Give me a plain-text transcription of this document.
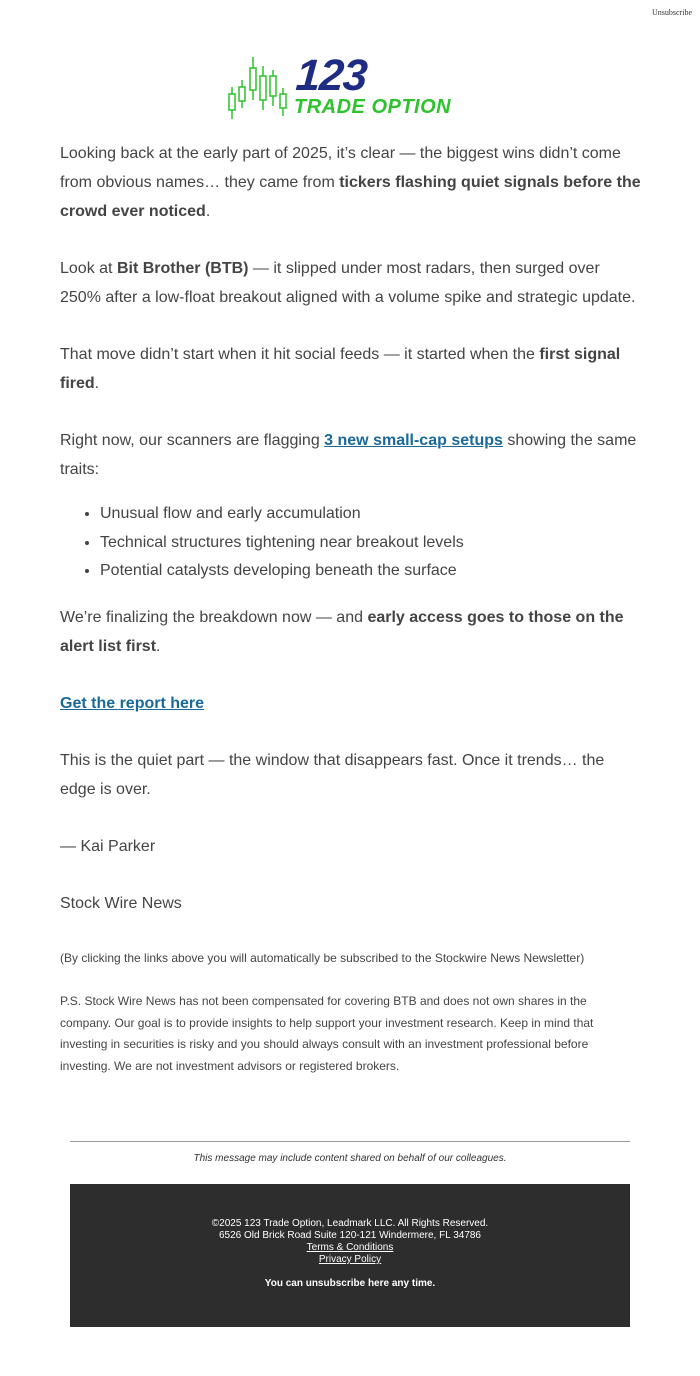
Unsubscribe
123
TRADE OPTION

Looking back at the early part of 2025, it’s clear — the biggest wins didn’t come from obvious names… they came from tickers flashing quiet signals before the crowd ever noticed.

Look at Bit Brother (BTB) — it slipped under most radars, then surged over 250% after a low-float breakout aligned with a volume spike and strategic update.

That move didn’t start when it hit social feeds — it started when the first signal fired.

Right now, our scanners are flagging 3 new small-cap setups showing the same traits:

• Unusual flow and early accumulation
• Technical structures tightening near breakout levels
• Potential catalysts developing beneath the surface

We’re finalizing the breakdown now — and early access goes to those on the alert list first.

Get the report here

This is the quiet part — the window that disappears fast. Once it trends… the edge is over.

— Kai Parker

Stock Wire News

(By clicking the links above you will automatically be subscribed to the Stockwire News Newsletter)
P.S. Stock Wire News has not been compensated for covering BTB and does not own shares in the company. Our goal is to provide insights to help support your investment research. Keep in mind that investing in securities is risky and you should always consult with an investment professional before investing. We are not investment advisors or registered brokers.
This message may include content shared on behalf of our colleagues.
©2025 123 Trade Option, Leadmark LLC. All Rights Reserved.
6526 Old Brick Road Suite 120-121 Windermere, FL 34786
Terms & Conditions
Privacy Policy
You can unsubscribe here any time.
